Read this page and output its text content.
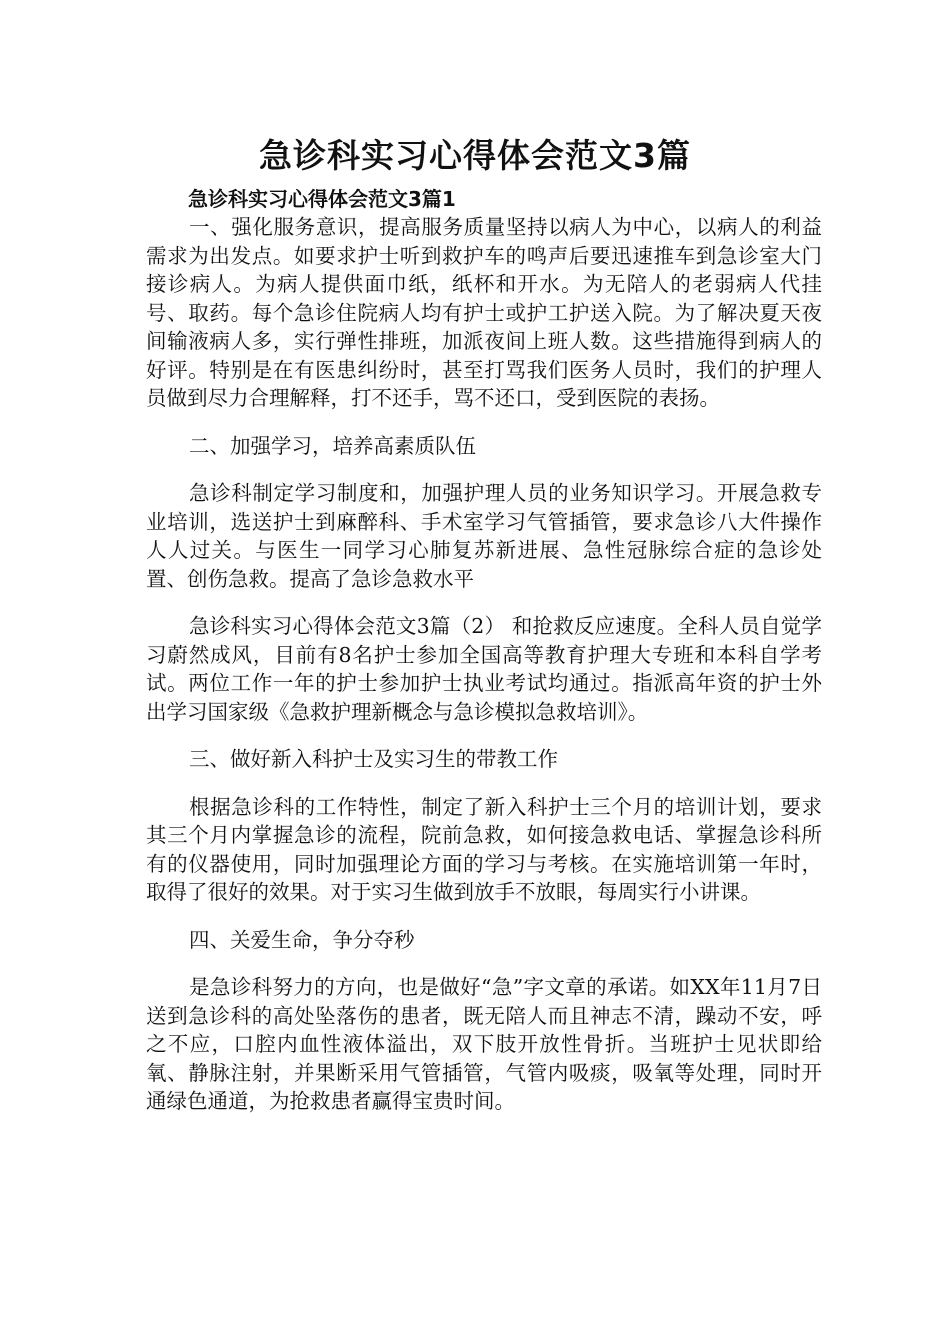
急诊科实习心得体会范文3篇
急诊科实习心得体会范文3篇1

一、强化服务意识，提高服务质量坚持以病人为中心，以病人的利益需求为出发点。如要求护士听到救护车的鸣声后要迅速推车到急诊室大门接诊病人。为病人提供面巾纸，纸杯和开水。为无陪人的老弱病人代挂号、取药。每个急诊住院病人均有护士或护工护送入院。为了解决夏天夜间输液病人多，实行弹性排班，加派夜间上班人数。这些措施得到病人的好评。特别是在有医患纠纷时，甚至打骂我们医务人员时，我们的护理人员做到尽力合理解释，打不还手，骂不还口，受到医院的表扬。

二、加强学习，培养高素质队伍

急诊科制定学习制度和，加强护理人员的业务知识学习。开展急救专业培训，选送护士到麻醉科、手术室学习气管插管，要求急诊八大件操作人人过关。与医生一同学习心肺复苏新进展、急性冠脉综合症的急诊处置、创伤急救。提高了急诊急救水平

急诊科实习心得体会范文3篇（2） 和抢救反应速度。全科人员自觉学习蔚然成风，目前有8名护士参加全国高等教育护理大专班和本科自学考试。两位工作一年的护士参加护士执业考试均通过。指派高年资的护士外出学习国家级《急救护理新概念与急诊模拟急救培训》。

三、做好新入科护士及实习生的带教工作

根据急诊科的工作特性，制定了新入科护士三个月的培训计划，要求其三个月内掌握急诊的流程，院前急救，如何接急救电话、掌握急诊科所有的仪器使用，同时加强理论方面的学习与考核。在实施培训第一年时，取得了很好的效果。对于实习生做到放手不放眼，每周实行小讲课。

四、关爱生命，争分夺秒

是急诊科努力的方向，也是做好“急”字文章的承诺。如XX年11月7日送到急诊科的高处坠落伤的患者，既无陪人而且神志不清，躁动不安，呼之不应，口腔内血性液体溢出，双下肢开放性骨折。当班护士见状即给氧、静脉注射，并果断采用气管插管，气管内吸痰，吸氧等处理，同时开通绿色通道，为抢救患者赢得宝贵时间。
